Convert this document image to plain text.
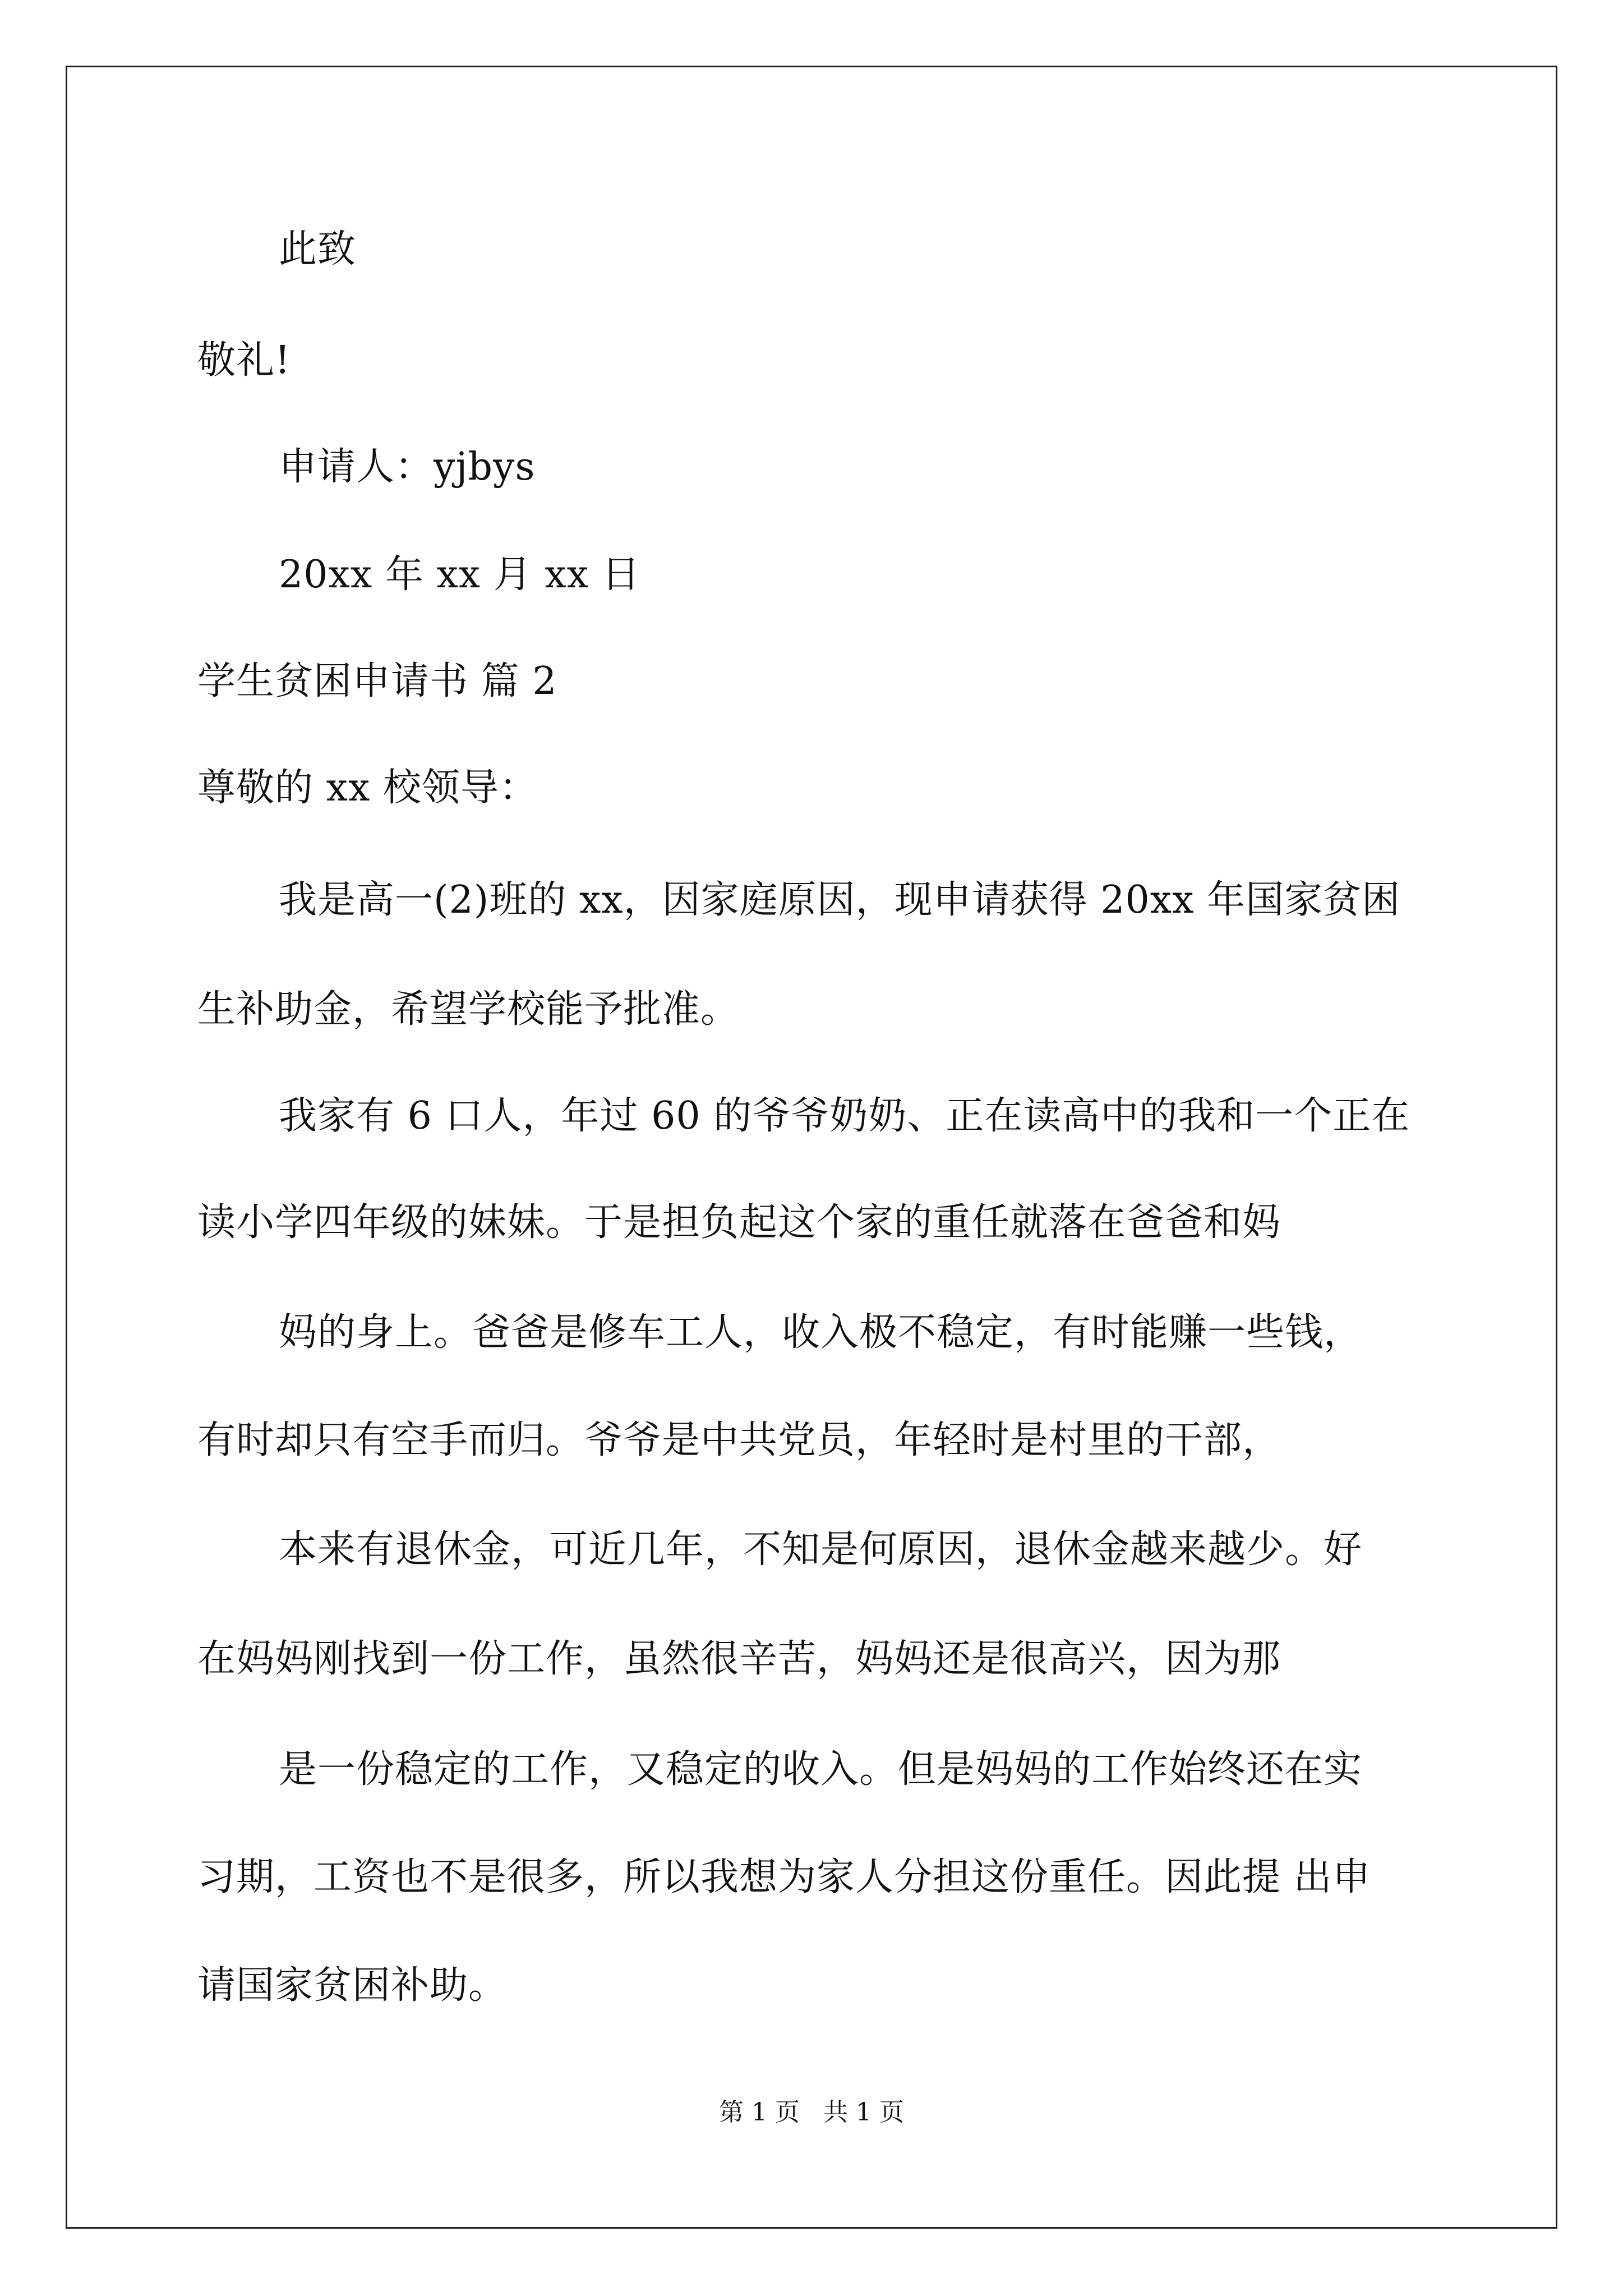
此致
敬礼!
申请人：yjbys
20xx 年 xx 月 xx 日
学生贫困申请书 篇 2
尊敬的 xx 校领导：
我是高一(2)班的 xx，因家庭原因，现申请获得 20xx 年国家贫困
生补助金，希望学校能予批准。
我家有 6 口人，年过 60 的爷爷奶奶、正在读高中的我和一个正在
读小学四年级的妹妹。于是担负起这个家的重任就落在爸爸和妈
妈的身上。爸爸是修车工人，收入极不稳定，有时能赚一些钱，
有时却只有空手而归。爷爷是中共党员，年轻时是村里的干部，
本来有退休金，可近几年，不知是何原因，退休金越来越少。好
在妈妈刚找到一份工作，虽然很辛苦，妈妈还是很高兴，因为那
是一份稳定的工作，又稳定的收入。但是妈妈的工作始终还在实
习期，工资也不是很多，所以我想为家人分担这份重任。因此提 出申
请国家贫困补助。
第 1 页   共 1 页
